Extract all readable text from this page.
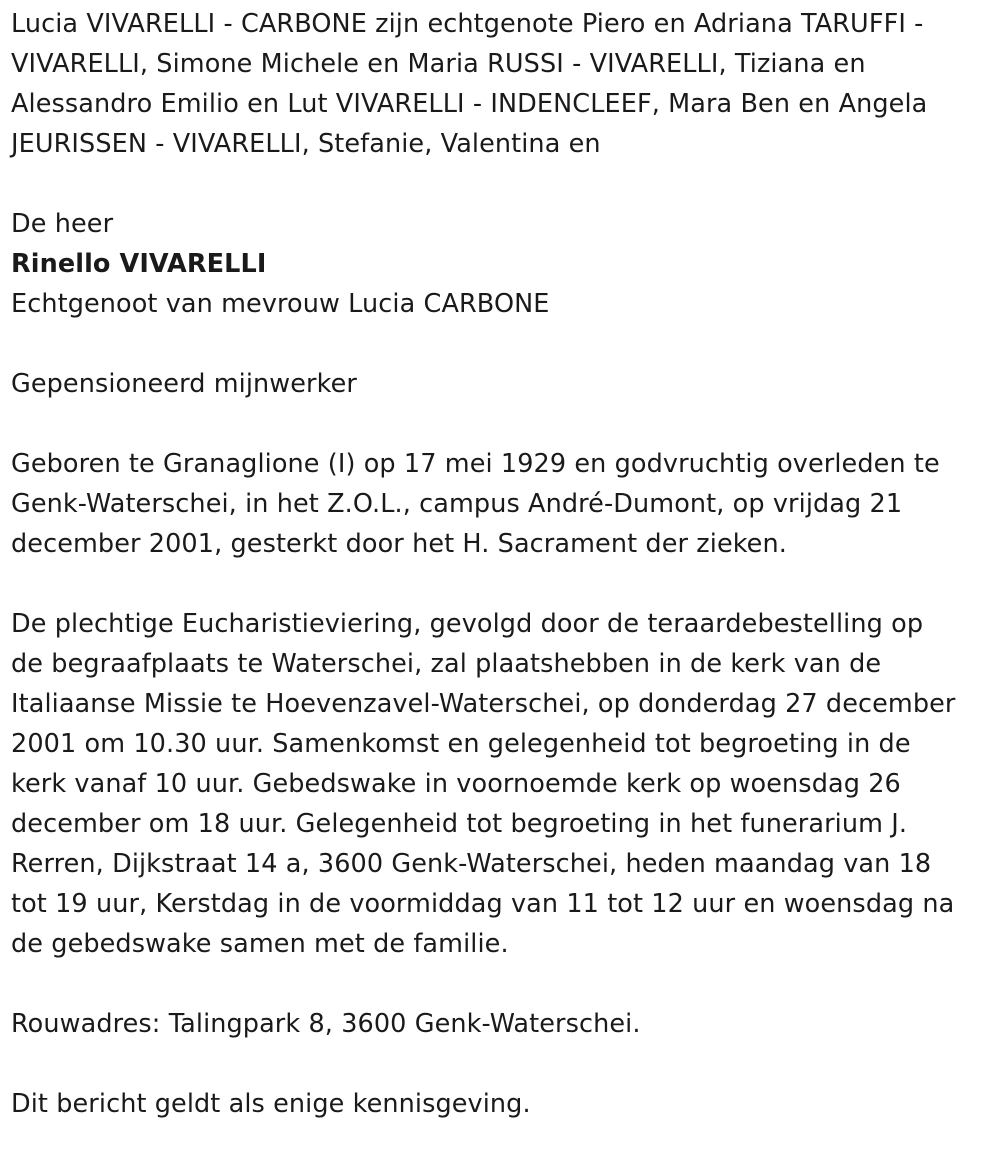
Lucia VIVARELLI - CARBONE zijn echtgenote Piero en Adriana TARUFFI -

VIVARELLI, Simone Michele en Maria RUSSI - VIVARELLI, Tiziana en

Alessandro Emilio en Lut VIVARELLI - INDENCLEEF, Mara Ben en Angela

JEURISSEN - VIVARELLI, Stefanie, Valentina en

De heer

Rinello VIVARELLI

Echtgenoot van mevrouw Lucia CARBONE

Gepensioneerd mijnwerker

Geboren te Granaglione (I) op 17 mei 1929 en godvruchtig overleden te

Genk-Waterschei, in het Z.O.L., campus André-Dumont, op vrijdag 21

december 2001, gesterkt door het H. Sacrament der zieken.

De plechtige Eucharistieviering, gevolgd door de teraardebestelling op

de begraafplaats te Waterschei, zal plaatshebben in de kerk van de

Italiaanse Missie te Hoevenzavel-Waterschei, op donderdag 27 december

2001 om 10.30 uur. Samenkomst en gelegenheid tot begroeting in de

kerk vanaf 10 uur. Gebedswake in voornoemde kerk op woensdag 26

december om 18 uur. Gelegenheid tot begroeting in het funerarium J.

Rerren, Dijkstraat 14 a, 3600 Genk-Waterschei, heden maandag van 18

tot 19 uur, Kerstdag in de voormiddag van 11 tot 12 uur en woensdag na

de gebedswake samen met de familie.

Rouwadres: Talingpark 8, 3600 Genk-Waterschei.

Dit bericht geldt als enige kennisgeving.
